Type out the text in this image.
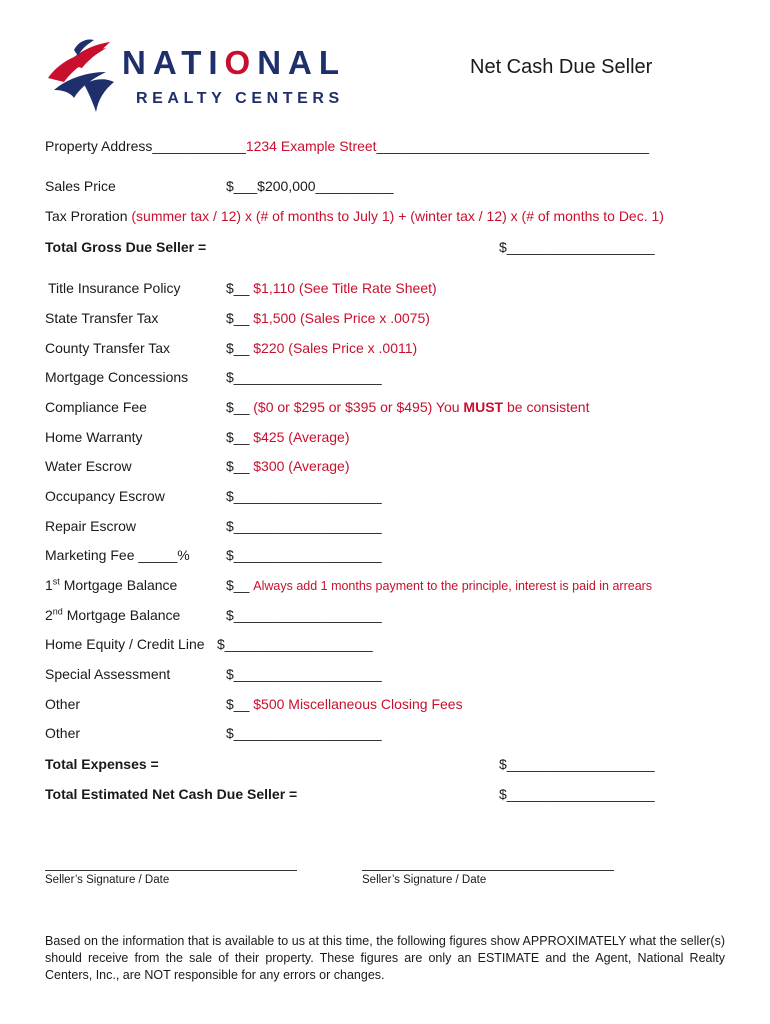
NATIONAL
REALTY CENTERS
Net Cash Due Seller
Property Address____________1234 Example Street___________________________________
Sales Price	$___$200,000__________
Tax Proration (summer tax / 12) x (# of months to July 1) + (winter tax / 12) x (# of months to Dec. 1)
Total Gross Due Seller =	$___________________
Title Insurance Policy	$__ $1,110 (See Title Rate Sheet)
State Transfer Tax	$__ $1,500 (Sales Price x .0075)
County Transfer Tax	$__ $220 (Sales Price x .0011)
Mortgage Concessions	$___________________
Compliance Fee	$__ ($0 or $295 or $395 or $495) You MUST be consistent
Home Warranty	$__ $425 (Average)
Water Escrow	$__ $300 (Average)
Occupancy Escrow	$___________________
Repair Escrow	$___________________
Marketing Fee _____%	$___________________
1st Mortgage Balance	$__ Always add 1 months payment to the principle, interest is paid in arrears
2nd Mortgage Balance	$___________________
Home Equity / Credit Line $___________________
Special Assessment	$___________________
Other	$__ $500 Miscellaneous Closing Fees
Other	$___________________
Total Expenses =	$___________________
Total Estimated Net Cash Due Seller =	$___________________
Seller’s Signature / Date	Seller’s Signature / Date
Based on the information that is available to us at this time, the following figures show APPROXIMATELY what the seller(s) should receive from the sale of their property. These figures are only an ESTIMATE and the Agent, National Realty Centers, Inc., are NOT responsible for any errors or changes.
